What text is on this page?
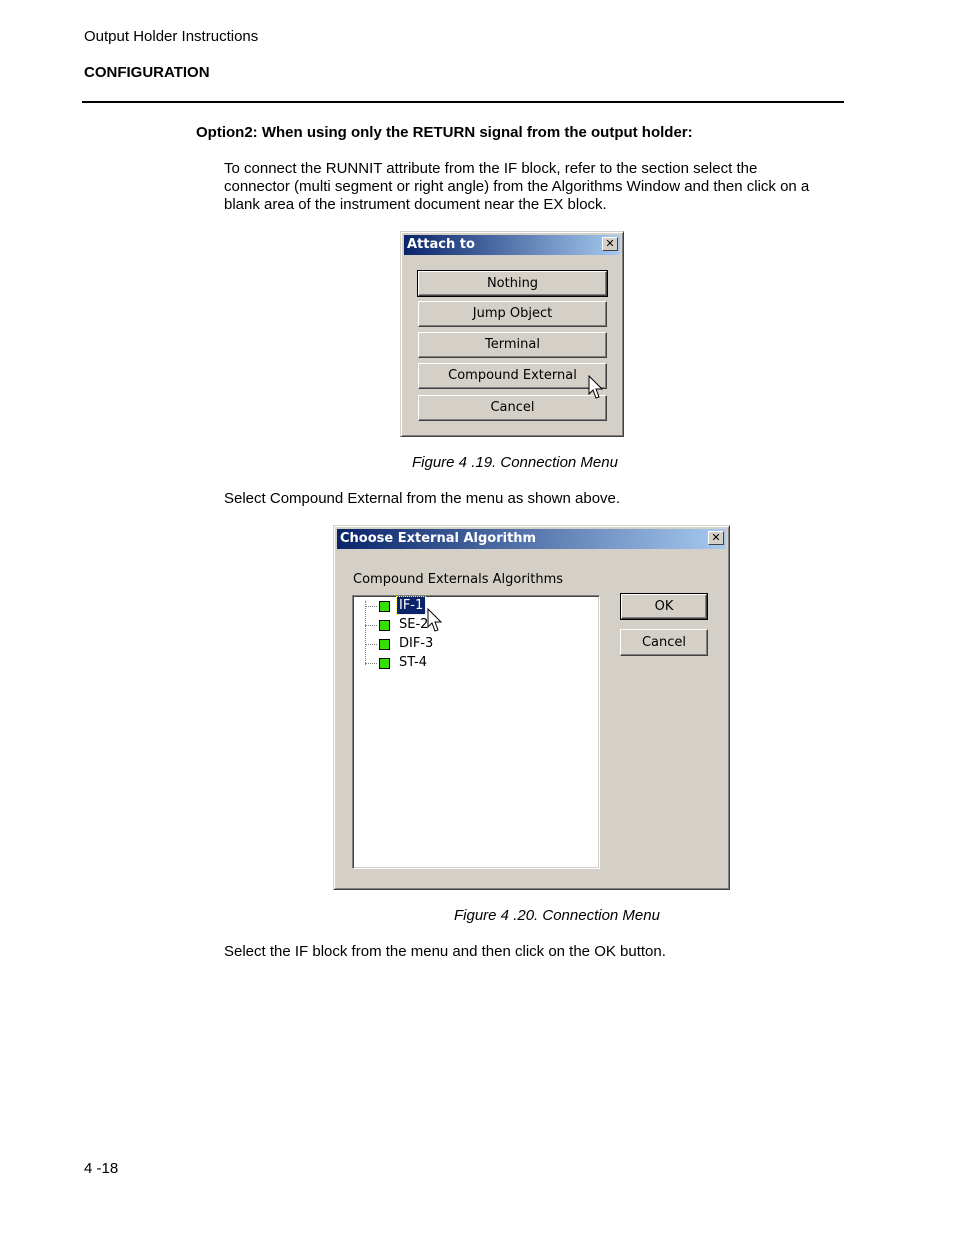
Output Holder Instructions
CONFIGURATION
Option2: When using only the RETURN signal from the output holder:
To connect the RUNNIT attribute from the IF block, refer to the section select the
connector (multi segment or right angle) from the Algorithms Window and then click on a
blank area of the instrument document near the EX block.
Attach to	✕
Nothing
Jump Object
Terminal
Compound External
Cancel
Figure 4 .19. Connection Menu
Select Compound External from the menu as shown above.
Choose External Algorithm	✕
Compound Externals Algorithms
IF-1
SE-2
DIF-3
ST-4
OK
Cancel
Figure 4 .20. Connection Menu
Select the IF block from the menu and then click on the OK button.
4 -18
